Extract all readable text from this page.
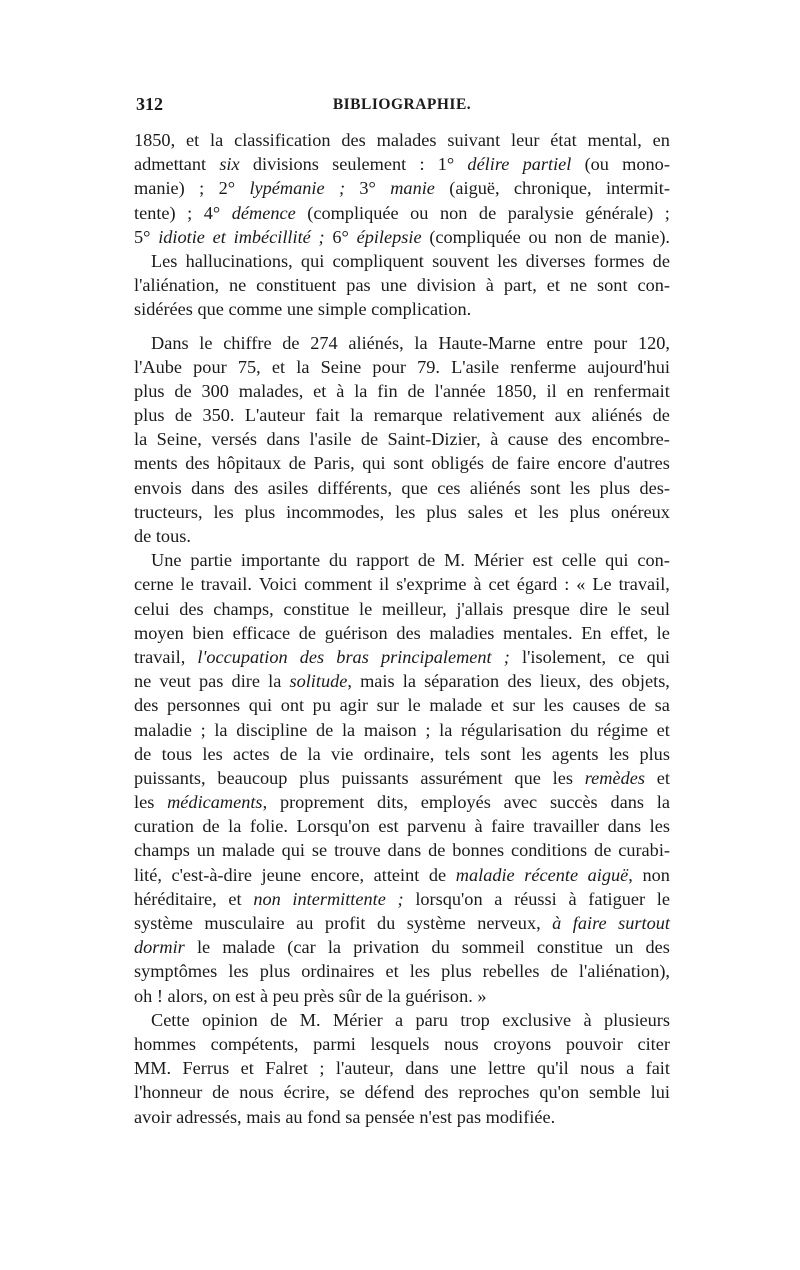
312	BIBLIOGRAPHIE.
1850, et la classification des malades suivant leur état mental, en
admettant six divisions seulement : 1° délire partiel (ou mono-
manie) ; 2° lypémanie ; 3° manie (aiguë, chronique, intermit-
tente) ; 4° démence (compliquée ou non de paralysie générale) ;
5° idiotie et imbécillité ; 6° épilepsie (compliquée ou non de manie).
Les hallucinations, qui compliquent souvent les diverses formes de
l'aliénation, ne constituent pas une division à part, et ne sont con-
sidérées que comme une simple complication.
Dans le chiffre de 274 aliénés, la Haute-Marne entre pour 120,
l'Aube pour 75, et la Seine pour 79. L'asile renferme aujourd'hui
plus de 300 malades, et à la fin de l'année 1850, il en renfermait
plus de 350. L'auteur fait la remarque relativement aux aliénés de
la Seine, versés dans l'asile de Saint-Dizier, à cause des encombre-
ments des hôpitaux de Paris, qui sont obligés de faire encore d'autres
envois dans des asiles différents, que ces aliénés sont les plus des-
tructeurs, les plus incommodes, les plus sales et les plus onéreux
de tous.
Une partie importante du rapport de M. Mérier est celle qui con-
cerne le travail. Voici comment il s'exprime à cet égard : « Le travail,
celui des champs, constitue le meilleur, j'allais presque dire le seul
moyen bien efficace de guérison des maladies mentales. En effet, le
travail, l'occupation des bras principalement ; l'isolement, ce qui
ne veut pas dire la solitude, mais la séparation des lieux, des objets,
des personnes qui ont pu agir sur le malade et sur les causes de sa
maladie ; la discipline de la maison ; la régularisation du régime et
de tous les actes de la vie ordinaire, tels sont les agents les plus
puissants, beaucoup plus puissants assurément que les remèdes et
les médicaments, proprement dits, employés avec succès dans la
curation de la folie. Lorsqu'on est parvenu à faire travailler dans les
champs un malade qui se trouve dans de bonnes conditions de curabi-
lité, c'est-à-dire jeune encore, atteint de maladie récente aiguë, non
héréditaire, et non intermittente ; lorsqu'on a réussi à fatiguer le
système musculaire au profit du système nerveux, à faire surtout
dormir le malade (car la privation du sommeil constitue un des
symptômes les plus ordinaires et les plus rebelles de l'aliénation),
oh ! alors, on est à peu près sûr de la guérison. »
Cette opinion de M. Mérier a paru trop exclusive à plusieurs
hommes compétents, parmi lesquels nous croyons pouvoir citer
MM. Ferrus et Falret ; l'auteur, dans une lettre qu'il nous a fait
l'honneur de nous écrire, se défend des reproches qu'on semble lui
avoir adressés, mais au fond sa pensée n'est pas modifiée.
